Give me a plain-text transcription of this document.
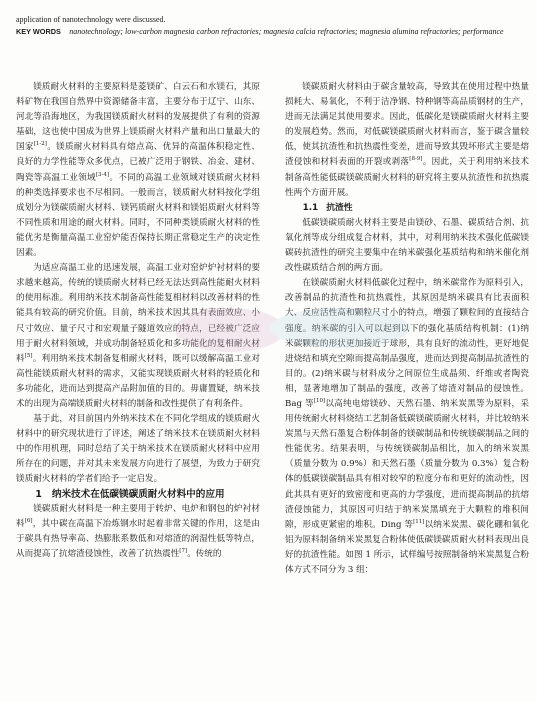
application of nanotechnology were discussed.
KEY WORDS nanotechnology; low-carbon magnesia carbon refractories; magnesia calcia refractories; magnesia alumina refractories; performance

镁质耐火材料的主要原料是菱镁矿、白云石和水镁石，其原料矿物在我国自然界中资源储备丰富，主要分布于辽宁、山东、河北等沿海地区，为我国镁质耐火材料的发展提供了有利的资源基础，这也使中国成为世界上镁质耐火材料产量和出口量最大的国家[1-2]。镁质耐火材料具有熔点高、优异的高温体积稳定性、良好的力学性能等众多优点，已被广泛用于钢铁、冶金、建材、陶瓷等高温工业领域[3-4]。不同的高温工业领域对镁质耐火材料的种类选择要求也不尽相同。一般而言，镁质耐火材料按化学组成划分为镁碳质耐火材料、镁钙质耐火材料和镁铝质耐火材料等不同性质和用途的耐火材料。同时，不同种类镁质耐火材料的性能优劣是衡量高温工业窑炉能否保持长期正常稳定生产的决定性因素。

为适应高温工业的迅速发展，高温工业对窑炉炉衬材料的要求越来越高，传统的镁质耐火材料已经无法达到高性能耐火材料的使用标准。利用纳米技术制备高性能复相材料以改善材料的性能具有较高的研究价值。目前，纳米技术因其具有表面效应、小尺寸效应、量子尺寸和宏观量子隧道效应的特点，已经被广泛应用于耐火材料领域，并成功制备轻质化和多功能化的复相耐火材料[5]。利用纳米技术制备复相耐火材料，既可以缓解高温工业对高性能镁质耐火材料的需求，又能实现镁质耐火材料的轻质化和多功能化，进而达到提高产品附加值的目的。毋庸置疑，纳米技术的出现为高端镁质耐火材料的制备和改性提供了有利条件。

基于此，对目前国内外纳米技术在不同化学组成的镁质耐火材料中的研究现状进行了评述，阐述了纳米技术在镁质耐火材料中的作用机理，同时总结了关于纳米技术在镁质耐火材料中应用所存在的问题，并对其未来发展方向进行了展望，为致力于研究镁质耐火材料的学者们给予一定启发。

1 纳米技术在低碳镁碳质耐火材料中的应用

镁碳质耐火材料是一种主要用于转炉、电炉和钢包的炉衬材料[6]，其中碳在高温下冶炼钢水时起着非常关键的作用，这是由于碳具有热导率高、热膨胀系数低和对熔渣的润湿性低等特点，从而提高了抗熔渣侵蚀性，改善了抗热震性[7]。传统的

镁碳质耐火材料由于碳含量较高，导致其在使用过程中热量损耗大、易氧化，不利于洁净钢、特种钢等高品质钢材的生产，进而无法满足其使用要求。因此，低碳化是镁碳质耐火材料主要的发展趋势。然而，对低碳镁碳质耐火材料而言，鉴于碳含量较低，使其抗渣性和抗热震性变差，进而导致其毁坏形式主要是熔渣侵蚀和材料表面的开裂或剥落[8-9]。因此，关于利用纳米技术制备高性能低碳镁碳质耐火材料的研究将主要从抗渣性和抗热震性两个方面开展。

1.1 抗渣性

低碳镁碳质耐火材料主要是由镁砂、石墨、碳质结合剂、抗氧化剂等成分组成复合材料，其中，对利用纳米技术强化低碳镁碳砖抗渣性的研究主要集中在纳米碳强化基质结构和纳米催化剂改性碳质结合剂的两方面。

在镁碳质耐火材料低碳化过程中，纳米碳常作为原料引入，改善制品的抗渣性和抗热震性，其原因是纳米碳具有比表面积大、反应活性高和颗粒尺寸小的特点，增强了颗粒间的直接结合强度。纳米碳的引入可以起到以下的强化基质结构机制：(1)纳米碳颗粒的形状更加接近于球形，具有良好的流动性，更好地促进烧结和填充空隙而提高制品强度，进而达到提高制品抗渣性的目的。(2)纳米碳与材料成分之间原位生成晶须、纤维或者陶瓷相，显著地增加了制品的强度，改善了熔渣对制品的侵蚀性。Bag 等[10]以高纯电熔镁砂、天然石墨、纳米炭黑等为原料，采用传统耐火材料烧结工艺制备低碳镁碳质耐火材料，并比较纳米炭黑与天然石墨复合粉体制备的镁碳制品和传统镁碳制品之间的性能优劣。结果表明，与传统镁碳制品相比，加入的纳米炭黑（质量分数为 0.9%）和天然石墨（质量分数为 0.3%）复合粉体的低碳镁碳制品具有相对较窄的粒度分布和更好的流动性，因此其具有更好的致密度和更高的力学强度，进而提高制品的抗熔渣侵蚀能力，其原因可归结于纳米炭黑填充于大颗粒的堆积间隙，形成更紧密的堆积。Ding 等[11]以纳米炭黑、碳化硼和氧化铝为原料制备纳米炭黑复合粉体使低碳镁碳质耐火材料表现出良好的抗渣性能。如图 1 所示，试样编号按照制备纳米炭黑复合粉体方式不同分为 3 组：
